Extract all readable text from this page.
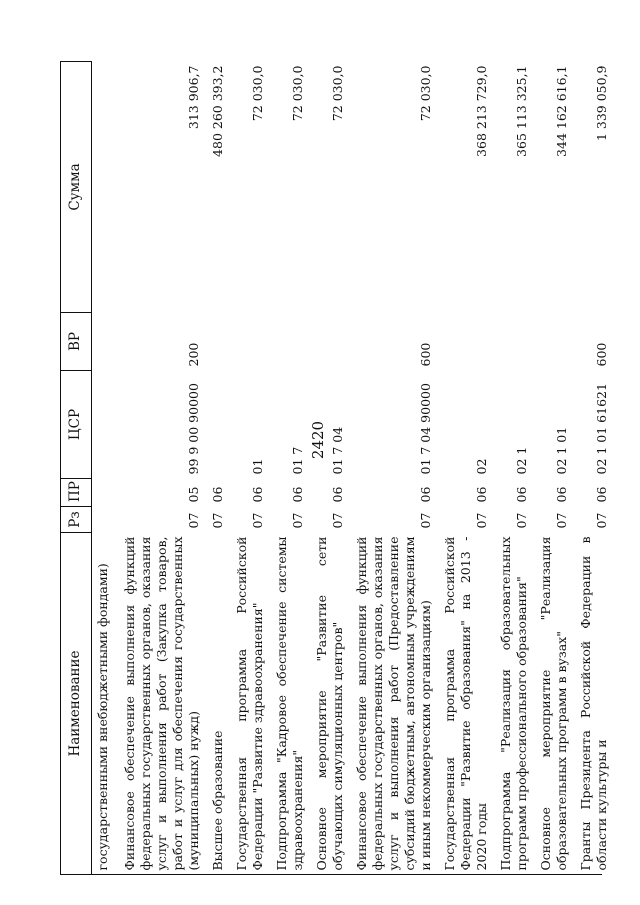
2420
Наименование	Рз	ПР	ЦСР	ВР	Сумма
государственными внебюджетными фондами)					
Финансовое обеспечение выполнения функций федеральных государственных органов, оказания услуг и выполнения работ (Закупка товаров, работ и услуг для обеспечения государственных (муниципальных) нужд)	07	05	99 9 00 90000	200	313 906,7
Высшее образование	07	06			480 260 393,2
Государственная программа Российской Федерации "Развитие здравоохранения"	07	06	01		72 030,0
Подпрограмма "Кадровое обеспечение системы здравоохранения"	07	06	01 7		72 030,0
Основное мероприятие "Развитие сети обучающих симуляционных центров"	07	06	01 7 04		72 030,0
Финансовое обеспечение выполнения функций федеральных государственных органов, оказания услуг и выполнения работ (Предоставление субсидий бюджетным, автономным учреждениям и иным некоммерческим организациям)	07	06	01 7 04 90000	600	72 030,0
Государственная программа Российской Федерации "Развитие образования" на 2013 - 2020 годы	07	06	02		368 213 729,0
Подпрограмма "Реализация образовательных программ профессионального образования"	07	06	02 1		365 113 325,1
Основное мероприятие "Реализация образовательных программ в вузах"	07	06	02 1 01		344 162 616,1
Гранты Президента Российской Федерации в области культуры и	07	06	02 1 01 61621	600	1 339 050,9
